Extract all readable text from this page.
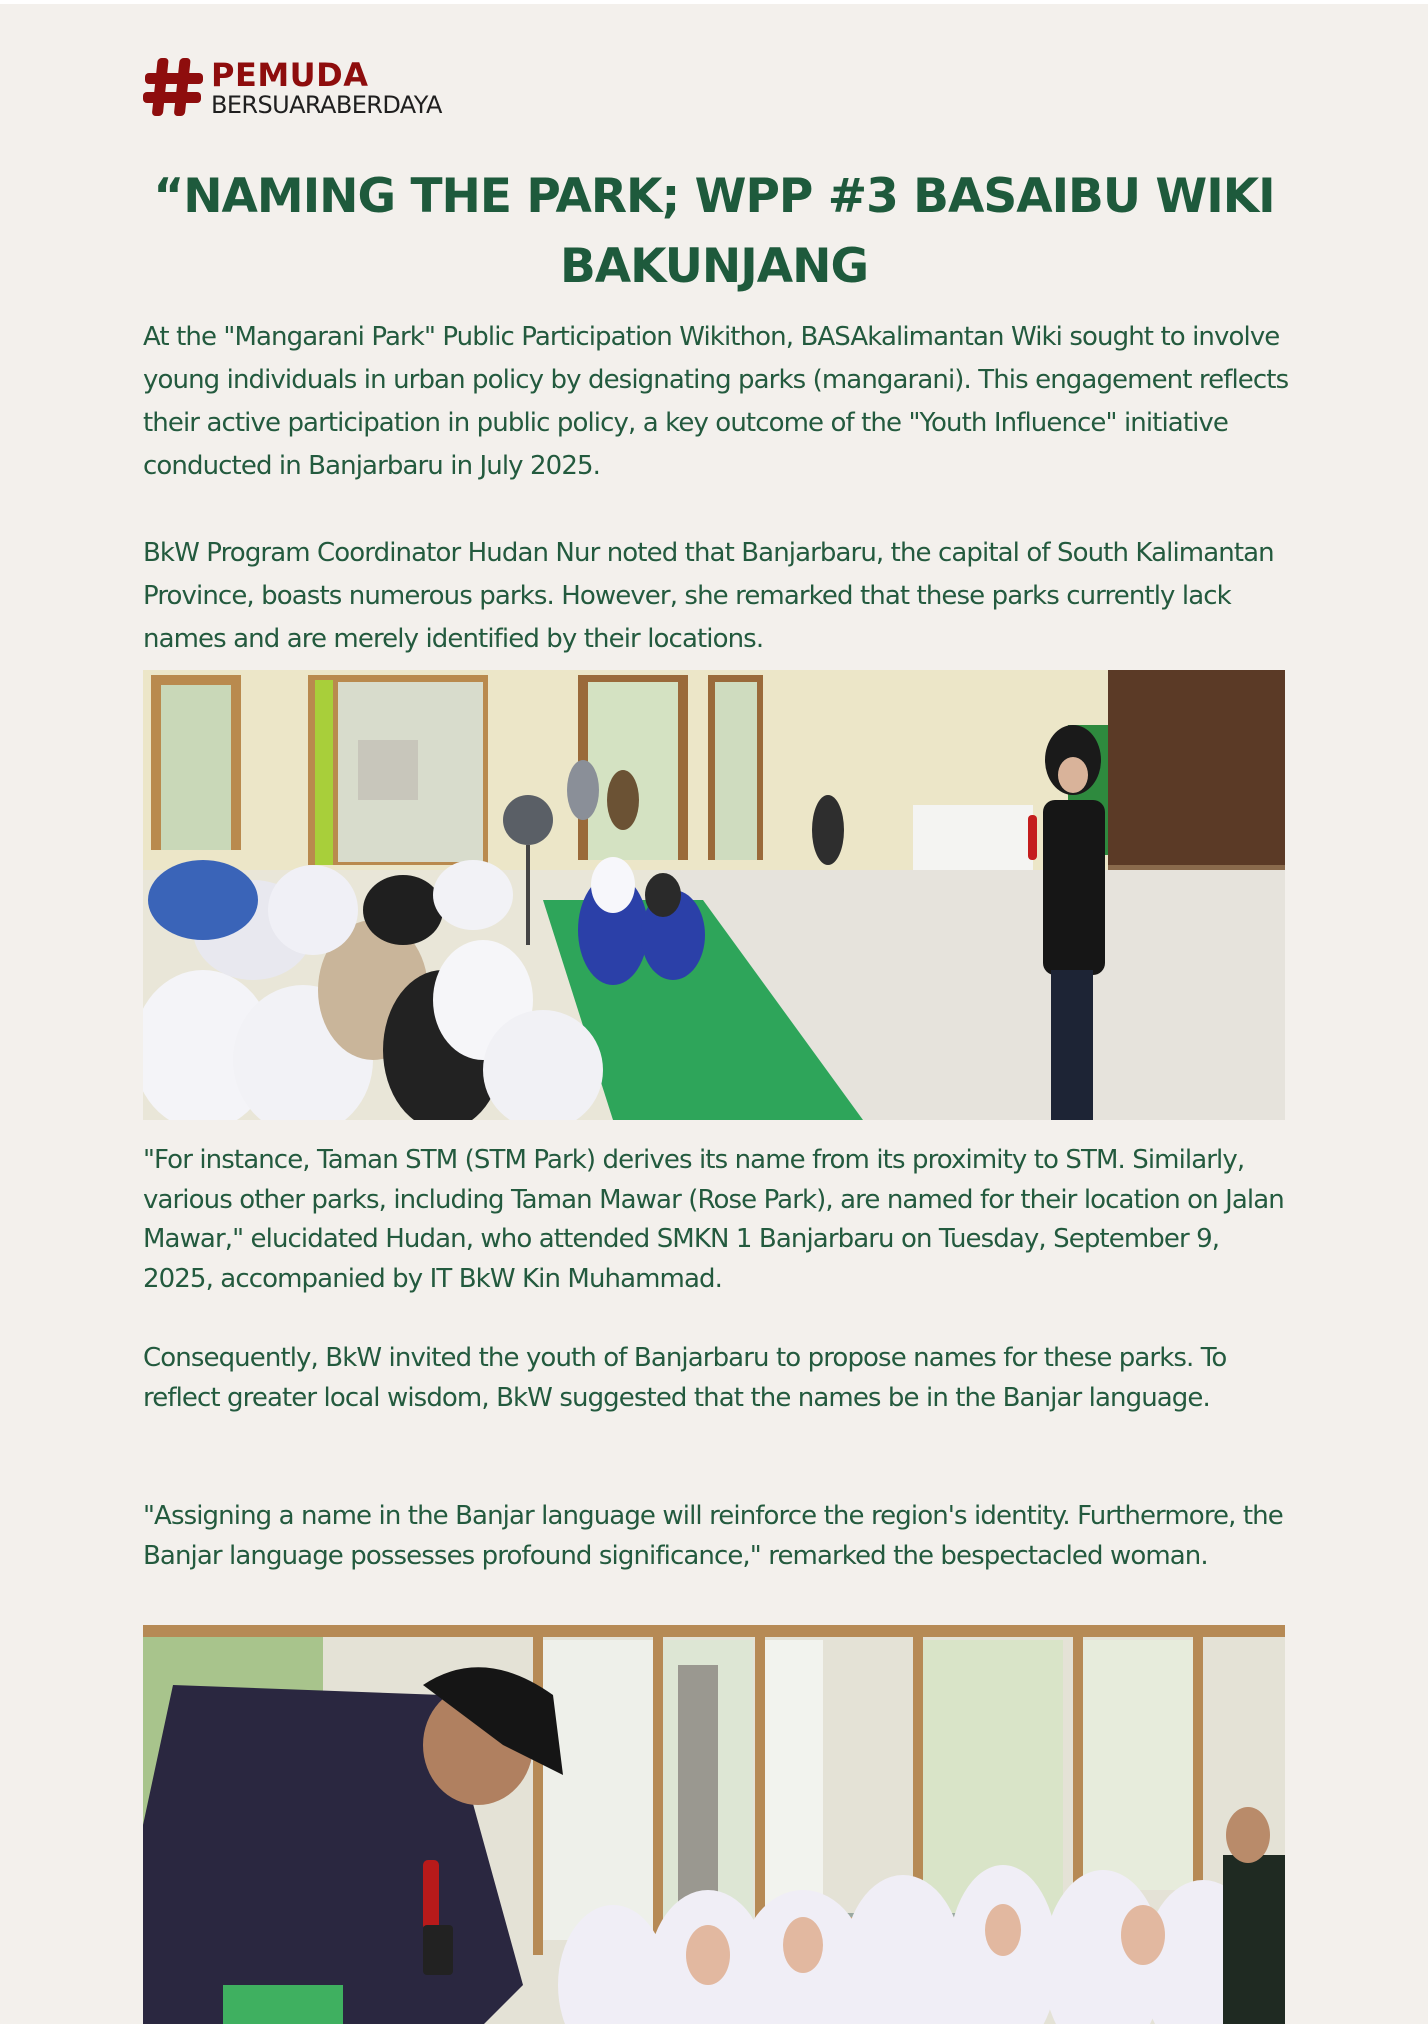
PEMUDA
BERSUARABERDAYA
“NAMING THE PARK; WPP #3 BASAIBU WIKI BAKUNJANG

At the "Mangarani Park" Public Participation Wikithon, BASAkalimantan Wiki sought to involve young individuals in urban policy by designating parks (mangarani). This engagement reflects their active participation in public policy, a key outcome of the "Youth Influence" initiative conducted in Banjarbaru in July 2025.

BkW Program Coordinator Hudan Nur noted that Banjarbaru, the capital of South Kalimantan Province, boasts numerous parks. However, she remarked that these parks currently lack names and are merely identified by their locations.

"For instance, Taman STM (STM Park) derives its name from its proximity to STM. Similarly, various other parks, including Taman Mawar (Rose Park), are named for their location on Jalan Mawar," elucidated Hudan, who attended SMKN 1 Banjarbaru on Tuesday, September 9, 2025, accompanied by IT BkW Kin Muhammad.

Consequently, BkW invited the youth of Banjarbaru to propose names for these parks. To reflect greater local wisdom, BkW suggested that the names be in the Banjar language.

"Assigning a name in the Banjar language will reinforce the region's identity. Furthermore, the Banjar language possesses profound significance," remarked the bespectacled woman.
